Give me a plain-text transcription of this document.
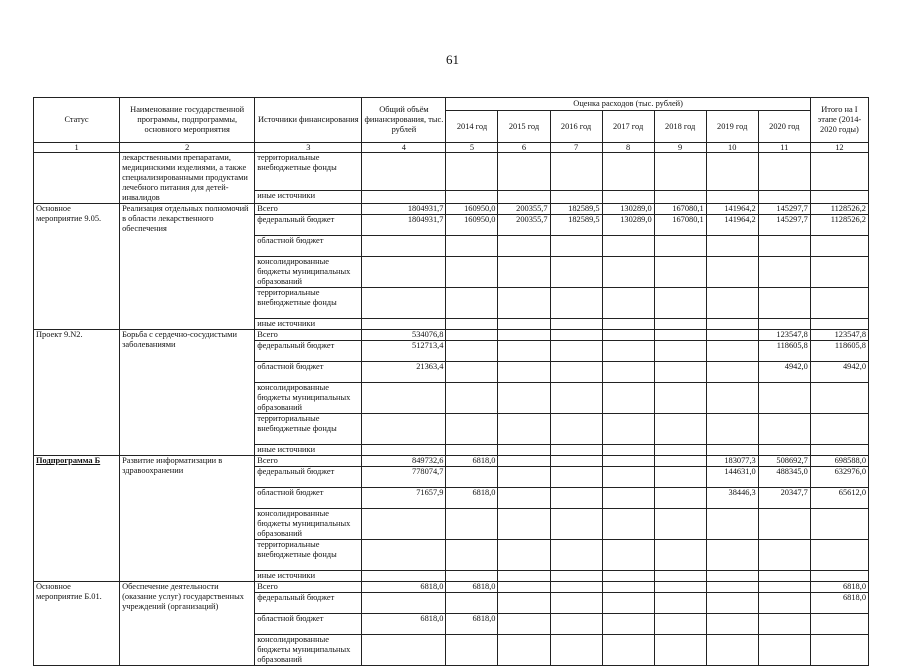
61
Статус	Наименование государственной программы, подпрограммы, основного мероприятия	Источники финансирования	Общий объём финансирования, тыс. рублей	Оценка расходов (тыс. рублей)							Итого на I этапе (2014-2020 годы)
				2014 год	2015 год	2016 год	2017 год	2018 год	2019 год	2020 год	
1	2	3	4	5	6	7	8	9	10	11	12
	лекарственными препаратами, медицинскими изделиями, а также специализированными продуктами лечебного питания для детей-инвалидов	территориальные внебюджетные фонды									
		иные источники									
Основное мероприятие 9.05.	Реализация отдельных полномочий в области лекарственного обеспечения	Всего	1804931,7	160950,0	200355,7	182589,5	130289,0	167080,1	141964,2	145297,7	1128526,2
		федеральный бюджет	1804931,7	160950,0	200355,7	182589,5	130289,0	167080,1	141964,2	145297,7	1128526,2
		областной бюджет									
		консолидированные бюджеты муниципальных образований									
		территориальные внебюджетные фонды									
		иные источники									
Проект 9.N2.	Борьба с сердечно-сосудистыми заболеваниями	Всего	534076,8							123547,8	123547,8
		федеральный бюджет	512713,4							118605,8	118605,8
		областной бюджет	21363,4							4942,0	4942,0
		консолидированные бюджеты муниципальных образований									
		территориальные внебюджетные фонды									
		иные источники									
Подпрограмма Б	Развитие информатизации в здравоохранении	Всего	849732,6	6818,0					183077,3	508692,7	698588,0
		федеральный бюджет	778074,7						144631,0	488345,0	632976,0
		областной бюджет	71657,9	6818,0					38446,3	20347,7	65612,0
		консолидированные бюджеты муниципальных образований									
		территориальные внебюджетные фонды									
		иные источники									
Основное мероприятие Б.01.	Обеспечение деятельности (оказание услуг) государственных учреждений (организаций)	Всего	6818,0	6818,0							6818,0
		федеральный бюджет									6818,0
		областной бюджет	6818,0	6818,0							
		консолидированные бюджеты муниципальных образований									
